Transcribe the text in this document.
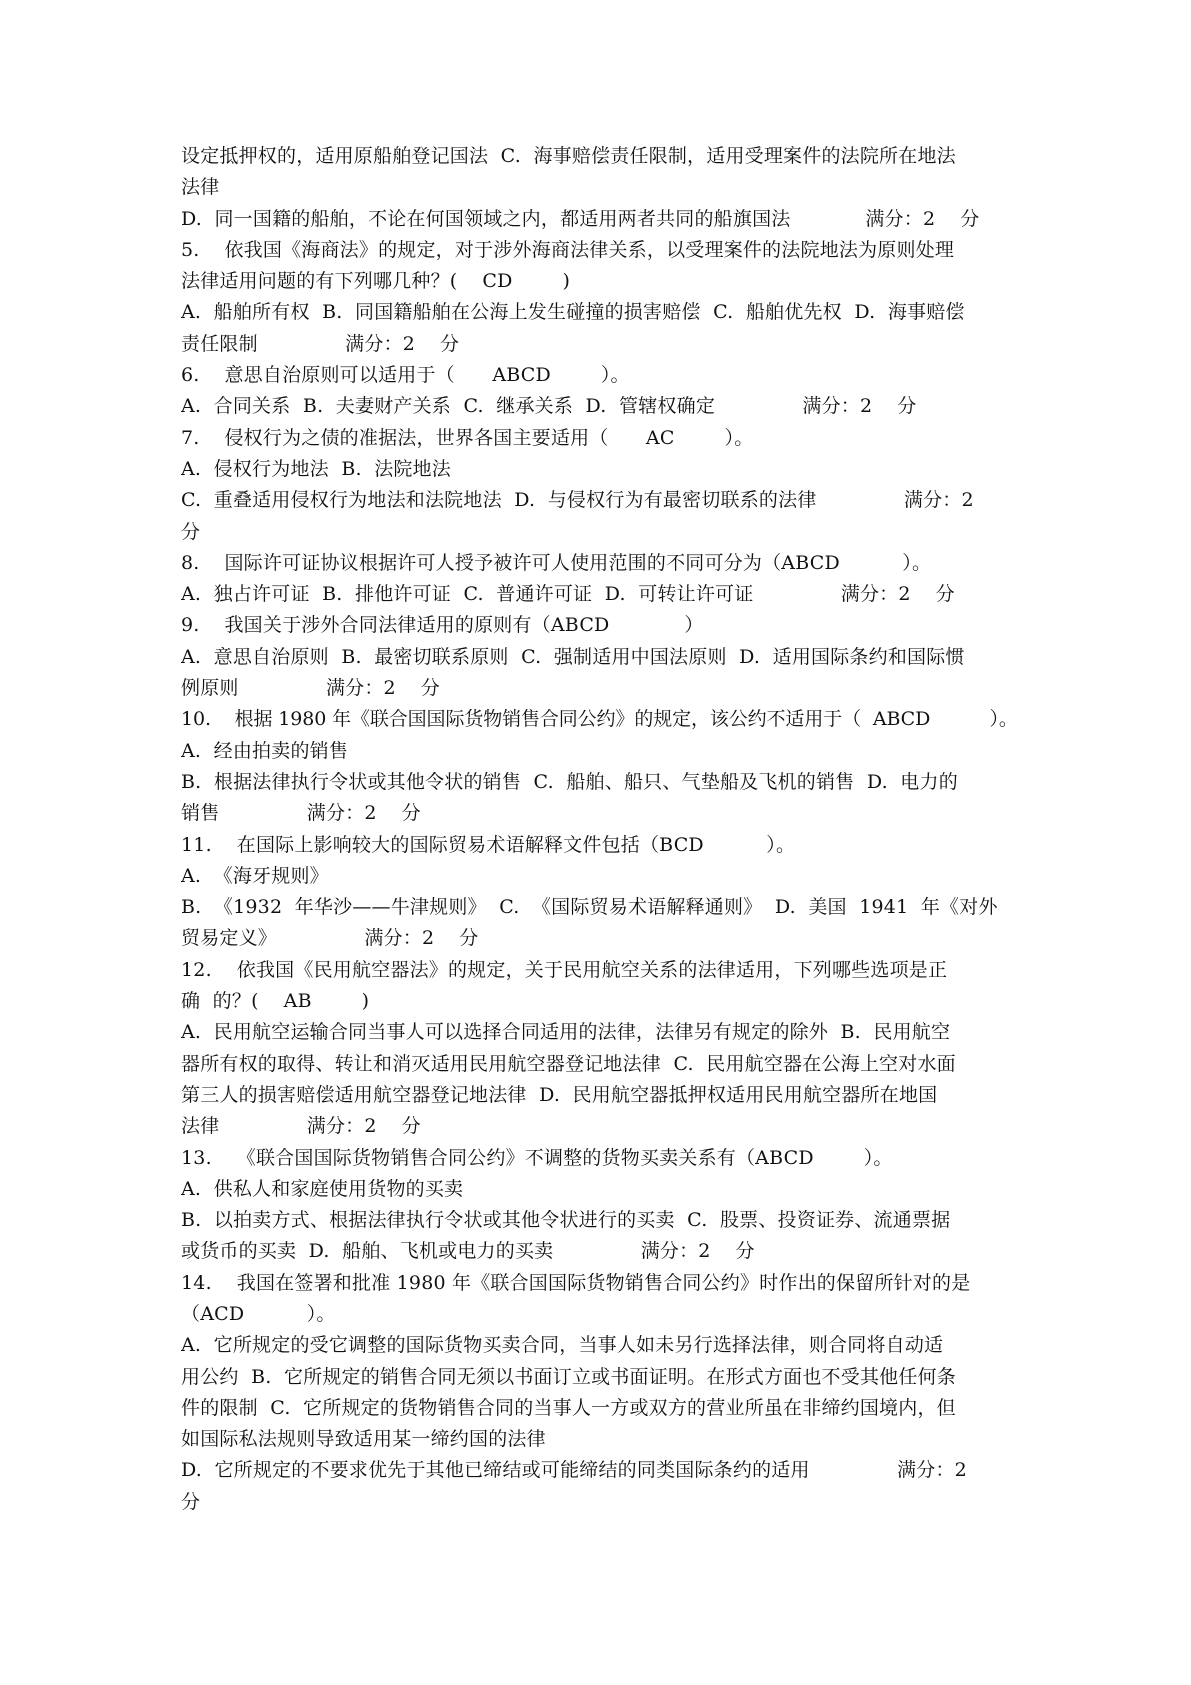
设定抵押权的，适用原船舶登记国法  C.  海事赔偿责任限制，适用受理案件的法院所在地法
法律
D.  同一国籍的船舶，不论在何国领域之内，都适用两者共同的船旗国法            满分：2    分
5.    依我国《海商法》的规定，对于涉外海商法律关系，以受理案件的法院地法为原则处理
法律适用问题的有下列哪几种？(    CD        )
A.  船舶所有权  B.  同国籍船舶在公海上发生碰撞的损害赔偿  C.  船舶优先权  D.  海事赔偿
责任限制              满分：2    分
6.    意思自治原则可以适用于（      ABCD        ）。
A.  合同关系  B.  夫妻财产关系  C.  继承关系  D.  管辖权确定              满分：2    分
7.    侵权行为之债的准据法，世界各国主要适用（      AC        ）。
A.  侵权行为地法  B.  法院地法
C.  重叠适用侵权行为地法和法院地法  D.  与侵权行为有最密切联系的法律              满分：2
分
8.    国际许可证协议根据许可人授予被许可人使用范围的不同可分为（ABCD          ）。
A.  独占许可证  B.  排他许可证  C.  普通许可证  D.  可转让许可证              满分：2    分
9.    我国关于涉外合同法律适用的原则有（ABCD            ）
A.  意思自治原则  B.  最密切联系原则  C.  强制适用中国法原则  D.  适用国际条约和国际惯
例原则              满分：2    分
10.    根据 1980 年《联合国国际货物销售合同公约》的规定，该公约不适用于（  ABCD          ）。
A.  经由拍卖的销售
B.  根据法律执行令状或其他令状的销售  C.  船舶、船只、气垫船及飞机的销售  D.  电力的
销售              满分：2    分
11.    在国际上影响较大的国际贸易术语解释文件包括（BCD          ）。
A.  《海牙规则》
B.  《1932  年华沙——牛津规则》  C.  《国际贸易术语解释通则》  D.  美国  1941  年《对外
贸易定义》              满分：2    分
12.    依我国《民用航空器法》的规定，关于民用航空关系的法律适用，下列哪些选项是正
确  的？(    AB        )
A.  民用航空运输合同当事人可以选择合同适用的法律，法律另有规定的除外  B.  民用航空
器所有权的取得、转让和消灭适用民用航空器登记地法律  C.  民用航空器在公海上空对水面
第三人的损害赔偿适用航空器登记地法律  D.  民用航空器抵押权适用民用航空器所在地国
法律              满分：2    分
13.    《联合国国际货物销售合同公约》不调整的货物买卖关系有（ABCD        ）。
A.  供私人和家庭使用货物的买卖
B.  以拍卖方式、根据法律执行令状或其他令状进行的买卖  C.  股票、投资证券、流通票据
或货币的买卖  D.  船舶、飞机或电力的买卖              满分：2    分
14.    我国在签署和批准 1980 年《联合国国际货物销售合同公约》时作出的保留所针对的是
（ACD          ）。
A.  它所规定的受它调整的国际货物买卖合同，当事人如未另行选择法律，则合同将自动适
用公约  B.  它所规定的销售合同无须以书面订立或书面证明。在形式方面也不受其他任何条
件的限制  C.  它所规定的货物销售合同的当事人一方或双方的营业所虽在非缔约国境内，但
如国际私法规则导致适用某一缔约国的法律
D.  它所规定的不要求优先于其他已缔结或可能缔结的同类国际条约的适用              满分：2
分
